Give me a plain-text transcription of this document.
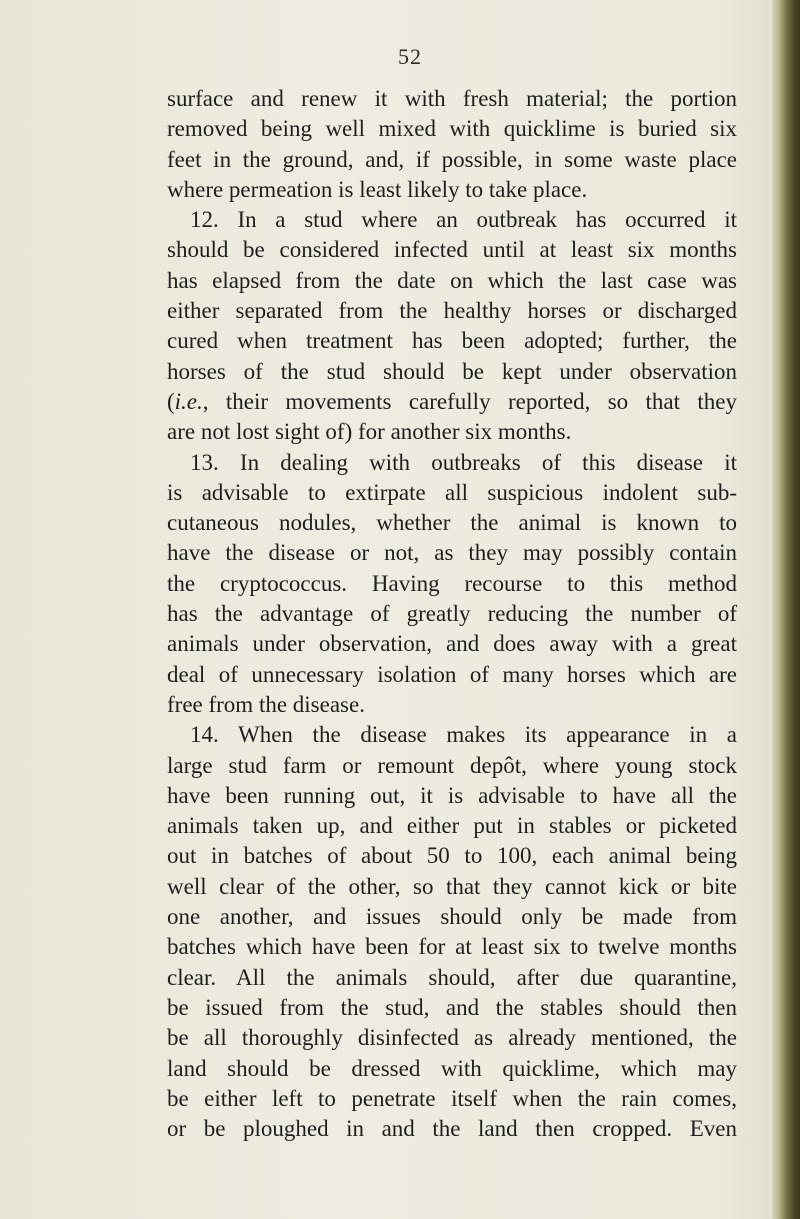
52
surface and renew it with fresh material; the portion
removed being well mixed with quicklime is buried six
feet in the ground, and, if possible, in some waste place
where permeation is least likely to take place.
12. In a stud where an outbreak has occurred it
should be considered infected until at least six months
has elapsed from the date on which the last case was
either separated from the healthy horses or discharged
cured when treatment has been adopted; further, the
horses of the stud should be kept under observation
(i.e., their movements carefully reported, so that they
are not lost sight of) for another six months.
13. In dealing with outbreaks of this disease it
is advisable to extirpate all suspicious indolent sub-
cutaneous nodules, whether the animal is known to
have the disease or not, as they may possibly contain
the cryptococcus. Having recourse to this method
has the advantage of greatly reducing the number of
animals under observation, and does away with a great
deal of unnecessary isolation of many horses which are
free from the disease.
14. When the disease makes its appearance in a
large stud farm or remount depôt, where young stock
have been running out, it is advisable to have all the
animals taken up, and either put in stables or picketed
out in batches of about 50 to 100, each animal being
well clear of the other, so that they cannot kick or bite
one another, and issues should only be made from
batches which have been for at least six to twelve months
clear. All the animals should, after due quarantine,
be issued from the stud, and the stables should then
be all thoroughly disinfected as already mentioned, the
land should be dressed with quicklime, which may
be either left to penetrate itself when the rain comes,
or be ploughed in and the land then cropped. Even
